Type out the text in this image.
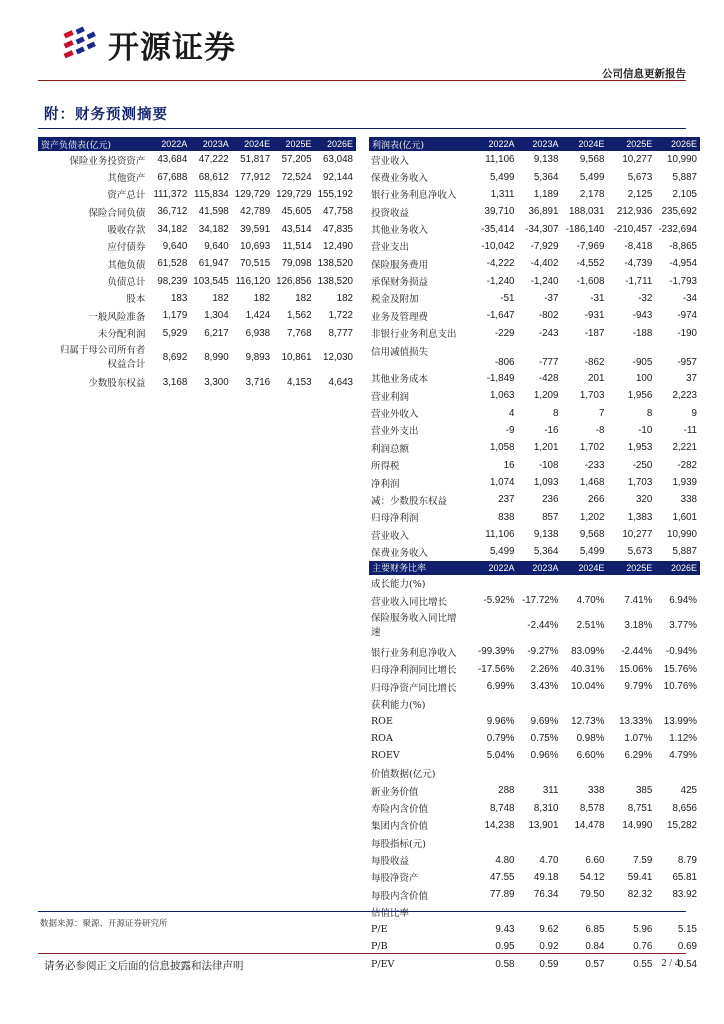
开源证券
公司信息更新报告
附：财务预测摘要
资产负债表(亿元)	2022A	2023A	2024E	2025E	2026E
保险业务投资资产	43,684	47,222	51,817	57,205	63,048
其他资产	67,688	68,612	77,912	72,524	92,144
资产总计	111,372	115,834	129,729	129,729	155,192
保险合同负债	36,712	41,598	42,789	45,605	47,758
吸收存款	34,182	34,182	39,591	43,514	47,835
应付债券	9,640	9,640	10,693	11,514	12,490
其他负债	61,528	61,947	70,515	79,098	138,520
负债总计	98,239	103,545	116,120	126,856	138,520
股本	183	182	182	182	182
一般风险准备	1,179	1,304	1,424	1,562	1,722
未分配利润	5,929	6,217	6,938	7,768	8,777

归属于母公司所有者
权益合计	8,692	8,990	9,893	10,861	12,030
少数股东权益	3,168	3,300	3,716	4,153	4,643
利润表(亿元)	2022A	2023A	2024E	2025E	2026E
营业收入	11,106	9,138	9,568	10,277	10,990
保费业务收入	5,499	5,364	5,499	5,673	5,887
银行业务利息净收入	1,311	1,189	2,178	2,125	2,105
投资收益	39,710	36,891	188,031	212,936	235,692
其他业务收入	-35,414	-34,307	-186,140	-210,457	-232,694
营业支出	-10,042	-7,929	-7,969	-8,418	-8,865
保险服务费用	-4,222	-4,402	-4,552	-4,739	-4,954
承保财务损益	-1,240	-1,240	-1,608	-1,711	-1,793
税金及附加	-51	-37	-31	-32	-34
业务及管理费	-1,647	-802	-931	-943	-974
非银行业务利息支出	-229	-243	-187	-188	-190
信用减值损失	-806	-777	-862	-905	-957
其他业务成本	-1,849	-428	201	100	37
营业利润	1,063	1,209	1,703	1,956	2,223
营业外收入	4	8	7	8	9
营业外支出	-9	-16	-8	-10	-11
利润总额	1,058	1,201	1,702	1,953	2,221
所得税	16	-108	-233	-250	-282
净利润	1,074	1,093	1,468	1,703	1,939
减：少数股东权益	237	236	266	320	338
归母净利润	838	857	1,202	1,383	1,601
营业收入	11,106	9,138	9,568	10,277	10,990
保费业务收入	5,499	5,364	5,499	5,673	5,887
主要财务比率	2022A	2023A	2024E	2025E	2026E
成长能力(%)					
营业收入同比增长	-5.92%	-17.72%	4.70%	7.41%	6.94%

保险服务收入同比增
速		-2.44%	2.51%	3.18%	3.77%
银行业务利息净收入	-99.39%	-9.27%	83.09%	-2.44%	-0.94%
归母净利润同比增长	-17.56%	2.26%	40.31%	15.06%	15.76%
归母净资产同比增长	6.99%	3.43%	10.04%	9.79%	10.76%
获利能力(%)					
ROE	9.96%	9.69%	12.73%	13.33%	13.99%
ROA	0.79%	0.75%	0.98%	1.07%	1.12%
ROEV	5.04%	0.96%	6.60%	6.29%	4.79%
价值数据(亿元)					
新业务价值	288	311	338	385	425
寿险内含价值	8,748	8,310	8,578	8,751	8,656
集团内含价值	14,238	13,901	14,478	14,990	15,282
每股指标(元)					
每股收益	4.80	4.70	6.60	7.59	8.79
每股净资产	47.55	49.18	54.12	59.41	65.81
每股内含价值	77.89	76.34	79.50	82.32	83.92
估值比率					
P/E	9.43	9.62	6.85	5.96	5.15
P/B	0.95	0.92	0.84	0.76	0.69
P/EV	0.58	0.59	0.57	0.55	0.54
数据来源：聚源、开源证券研究所
请务必参阅正文后面的信息披露和法律声明	2 / 4
